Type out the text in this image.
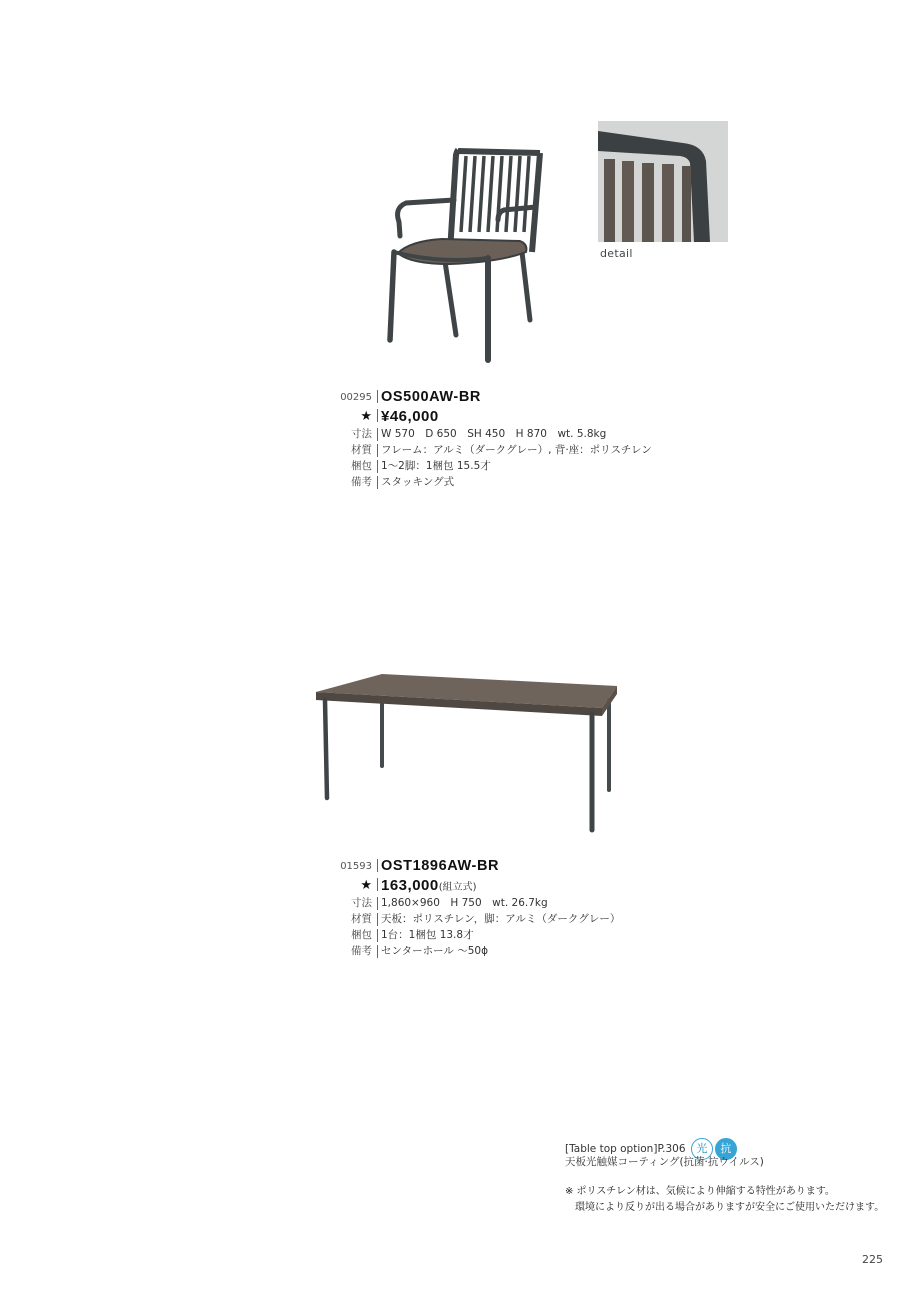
detail
00295 OS500AW-BR
★ ¥46,000
寸法 W 570　D 650　SH 450　H 870　wt. 5.8kg
材質 フレーム：アルミ（ダークグレー）, 背·座：ポリスチレン
梱包 1～2脚：1梱包 15.5才
備考 スタッキング式
01593 OST1896AW-BR
★ 163,000(組立式)
寸法 1,860×960　H 750　wt. 26.7kg
材質 天板：ポリスチレン，脚：アルミ（ダークグレー）
梱包 1台：1梱包 13.8才
備考 センターホール ～50ϕ
[Table top option]P.306 光 抗
天板光触媒コーティング(抗菌·抗ウイルス)
※ ポリスチレン材は、気候により伸縮する特性があります。
　環境により反りが出る場合がありますが安全にご使用いただけます。
225
